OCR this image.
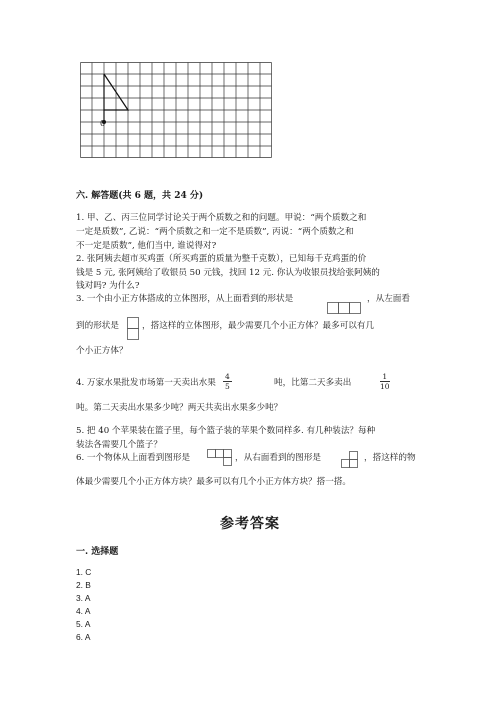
0
六. 解答题(共 6 题，共 24 分)
1. 甲、乙、丙三位同学讨论关于两个质数之和的问题。甲说：“两个质数之和
一定是质数”, 乙说：“两个质数之和一定不是质数”, 丙说：“两个质数之和
不一定是质数”, 他们当中, 谁说得对?
2. 张阿姨去超市买鸡蛋（所买鸡蛋的质量为整千克数），已知每千克鸡蛋的价
钱是 5 元, 张阿姨给了收银员 50 元钱，找回 12 元. 你认为收银员找给张阿姨的
钱对吗? 为什么?
3. 一个由小正方体搭成的立体图形，从上面看到的形状是	，从左面看
到的形状是	，搭这样的立体图形，最少需要几个小正方体？最多可以有几
个小正方体？
4. 万家水果批发市场第一天卖出水果 $\frac{4}{5}$	吨，比第二天多卖出	$\frac{1}{10}$
吨。第二天卖出水果多少吨？两天共卖出水果多少吨？
5. 把 40 个苹果装在篮子里，每个篮子装的苹果个数同样多. 有几种装法？每种
装法各需要几个篮子？
6. 一个物体从上面看到图形是	，从右面看到的图形是	，搭这样的物
体最少需要几个小正方体方块？最多可以有几个小正方体方块？搭一搭。
参考答案
一. 选择题
1. C
2. B
3. A
4. A
5. A
6. A
